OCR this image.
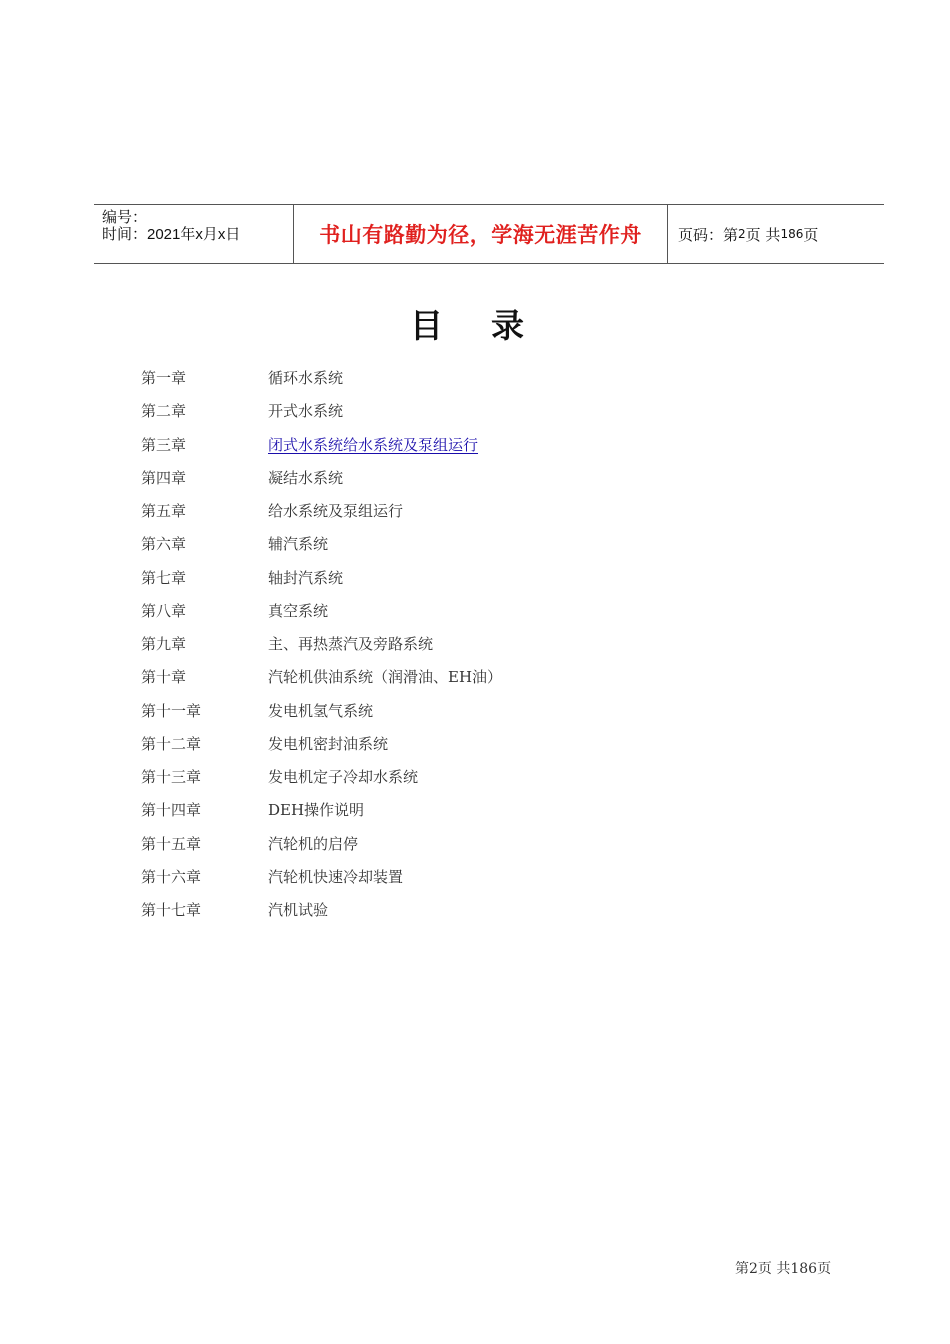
编号：
时间：2021年x月x日	书山有路勤为径，学海无涯苦作舟 页码：第 2 页 共 186 页
目录
第一章	循环水系统
第二章	开式水系统
第三章	闭式水系统给水系统及泵组运行
第四章	凝结水系统
第五章	给水系统及泵组运行
第六章	辅汽系统
第七章	轴封汽系统
第八章	真空系统
第九章	主、再热蒸汽及旁路系统
第十章	汽轮机供油系统（润滑油、EH油）
第十一章	发电机氢气系统
第十二章	发电机密封油系统
第十三章	发电机定子冷却水系统
第十四章	DEH操作说明
第十五章	汽轮机的启停
第十六章	汽轮机快速冷却装置
第十七章	汽机试验
第2页 共186页
